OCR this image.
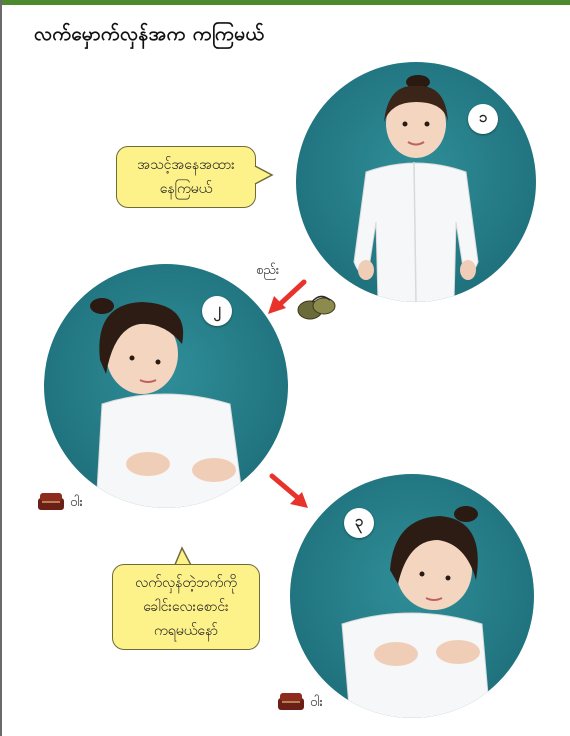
လက်မှောက်လှန်အက ကကြမယ်
၁
အသင့်အနေအထား
နေကြမယ်
စည်း
၂
ဝါး
၃
လက်လှန်တဲ့ဘက်ကို
ခေါင်းလေးစောင်း
ကရမယ်နော်
ဝါး
